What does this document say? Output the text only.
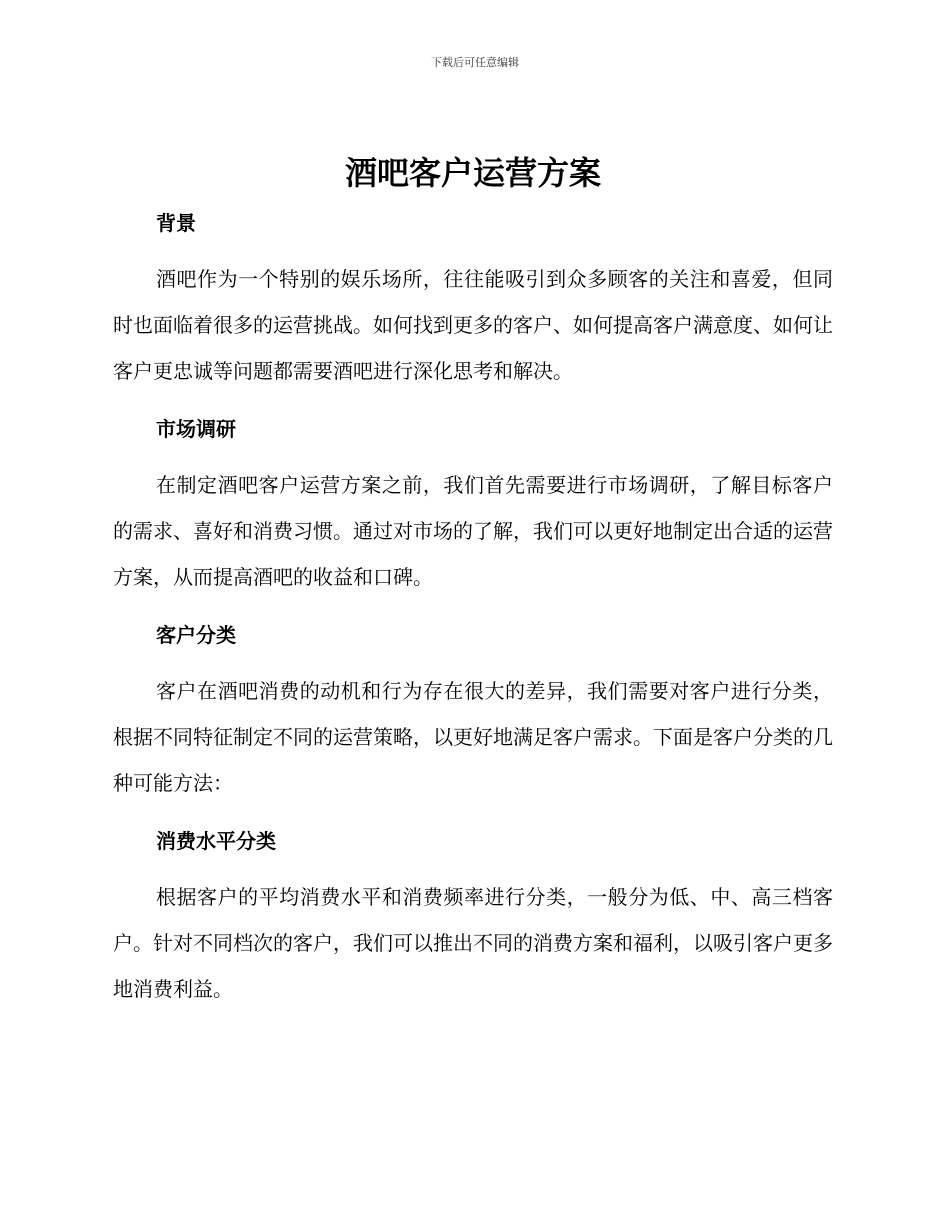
下载后可任意编辑
酒吧客户运营方案
背景

酒吧作为一个特别的娱乐场所，往往能吸引到众多顾客的关注和喜爱，但同时也面临着很多的运营挑战。如何找到更多的客户、如何提高客户满意度、如何让客户更忠诚等问题都需要酒吧进行深化思考和解决。

市场调研

在制定酒吧客户运营方案之前，我们首先需要进行市场调研，了解目标客户的需求、喜好和消费习惯。通过对市场的了解，我们可以更好地制定出合适的运营方案，从而提高酒吧的收益和口碑。

客户分类

客户在酒吧消费的动机和行为存在很大的差异，我们需要对客户进行分类，根据不同特征制定不同的运营策略，以更好地满足客户需求。下面是客户分类的几种可能方法：

消费水平分类

根据客户的平均消费水平和消费频率进行分类，一般分为低、中、高三档客户。针对不同档次的客户，我们可以推出不同的消费方案和福利，以吸引客户更多地消费利益。
